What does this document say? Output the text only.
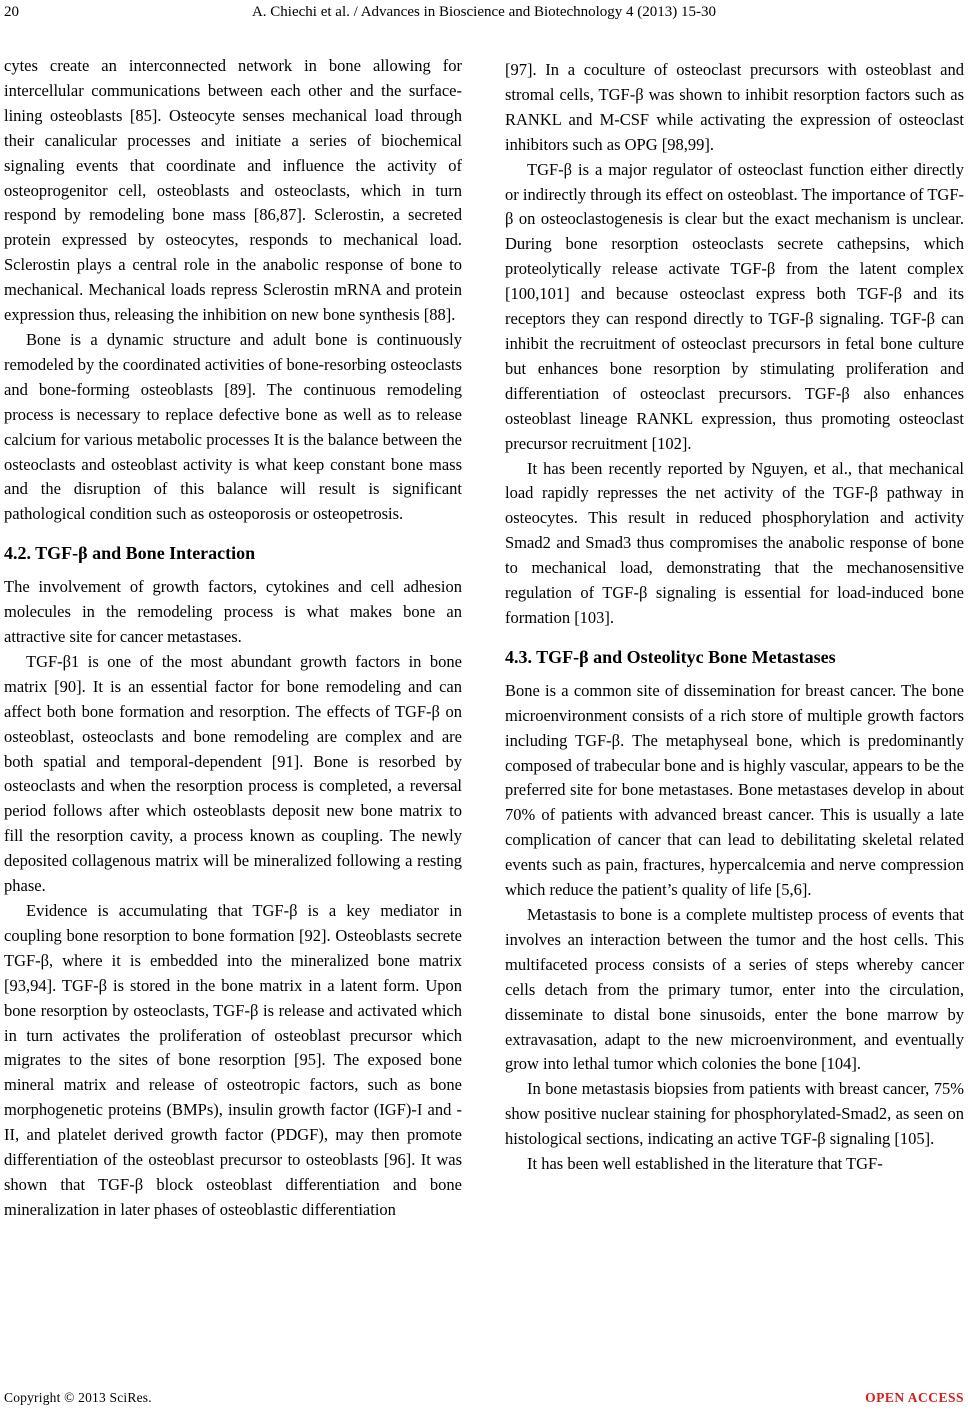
20	A. Chiechi et al. / Advances in Bioscience and Biotechnology 4 (2013) 15-30

cytes create an interconnected network in bone allowing for intercellular communications between each other and the surface-lining osteoblasts [85]. Osteocyte senses mechanical load through their canalicular processes and initiate a series of biochemical signaling events that coordinate and influence the activity of osteoprogenitor cell, osteoblasts and osteoclasts, which in turn respond by remodeling bone mass [86,87]. Sclerostin, a secreted protein expressed by osteocytes, responds to mechanical load. Sclerostin plays a central role in the anabolic response of bone to mechanical. Mechanical loads repress Sclerostin mRNA and protein expression thus, releasing the inhibition on new bone synthesis [88].

Bone is a dynamic structure and adult bone is continuously remodeled by the coordinated activities of bone-resorbing osteoclasts and bone-forming osteoblasts [89]. The continuous remodeling process is necessary to replace defective bone as well as to release calcium for various metabolic processes It is the balance between the osteoclasts and osteoblast activity is what keep constant bone mass and the disruption of this balance will result is significant pathological condition such as osteoporosis or osteopetrosis.

4.2. TGF-β and Bone Interaction

The involvement of growth factors, cytokines and cell adhesion molecules in the remodeling process is what makes bone an attractive site for cancer metastases.

TGF-β1 is one of the most abundant growth factors in bone matrix [90]. It is an essential factor for bone remodeling and can affect both bone formation and resorption. The effects of TGF-β on osteoblast, osteoclasts and bone remodeling are complex and are both spatial and temporal-dependent [91]. Bone is resorbed by osteoclasts and when the resorption process is completed, a reversal period follows after which osteoblasts deposit new bone matrix to fill the resorption cavity, a process known as coupling. The newly deposited collagenous matrix will be mineralized following a resting phase.

Evidence is accumulating that TGF-β is a key mediator in coupling bone resorption to bone formation [92]. Osteoblasts secrete TGF-β, where it is embedded into the mineralized bone matrix [93,94]. TGF-β is stored in the bone matrix in a latent form. Upon bone resorption by osteoclasts, TGF-β is release and activated which in turn activates the proliferation of osteoblast precursor which migrates to the sites of bone resorption [95]. The exposed bone mineral matrix and release of osteotropic factors, such as bone morphogenetic proteins (BMPs), insulin growth factor (IGF)-I and -II, and platelet derived growth factor (PDGF), may then promote differentiation of the osteoblast precursor to osteoblasts [96]. It was shown that TGF-β block osteoblast differentiation and bone mineralization in later phases of osteoblastic differentiation

[97]. In a coculture of osteoclast precursors with osteoblast and stromal cells, TGF-β was shown to inhibit resorption factors such as RANKL and M-CSF while activating the expression of osteoclast inhibitors such as OPG [98,99].

TGF-β is a major regulator of osteoclast function either directly or indirectly through its effect on osteoblast. The importance of TGF-β on osteoclastogenesis is clear but the exact mechanism is unclear. During bone resorption osteoclasts secrete cathepsins, which proteolytically release activate TGF-β from the latent complex [100,101] and because osteoclast express both TGF-β and its receptors they can respond directly to TGF-β signaling. TGF-β can inhibit the recruitment of osteoclast precursors in fetal bone culture but enhances bone resorption by stimulating proliferation and differentiation of osteoclast precursors. TGF-β also enhances osteoblast lineage RANKL expression, thus promoting osteoclast precursor recruitment [102].

It has been recently reported by Nguyen, et al., that mechanical load rapidly represses the net activity of the TGF-β pathway in osteocytes. This result in reduced phosphorylation and activity Smad2 and Smad3 thus compromises the anabolic response of bone to mechanical load, demonstrating that the mechanosensitive regulation of TGF-β signaling is essential for load-induced bone formation [103].

4.3. TGF-β and Osteolityc Bone Metastases

Bone is a common site of dissemination for breast cancer. The bone microenvironment consists of a rich store of multiple growth factors including TGF-β. The metaphyseal bone, which is predominantly composed of trabecular bone and is highly vascular, appears to be the preferred site for bone metastases. Bone metastases develop in about 70% of patients with advanced breast cancer. This is usually a late complication of cancer that can lead to debilitating skeletal related events such as pain, fractures, hypercalcemia and nerve compression which reduce the patient’s quality of life [5,6].

Metastasis to bone is a complete multistep process of events that involves an interaction between the tumor and the host cells. This multifaceted process consists of a series of steps whereby cancer cells detach from the primary tumor, enter into the circulation, disseminate to distal bone sinusoids, enter the bone marrow by extravasation, adapt to the new microenvironment, and eventually grow into lethal tumor which colonies the bone [104].

In bone metastasis biopsies from patients with breast cancer, 75% show positive nuclear staining for phosphorylated-Smad2, as seen on histological sections, indicating an active TGF-β signaling [105].

It has been well established in the literature that TGF-

Copyright © 2013 SciRes.	OPEN ACCESS
